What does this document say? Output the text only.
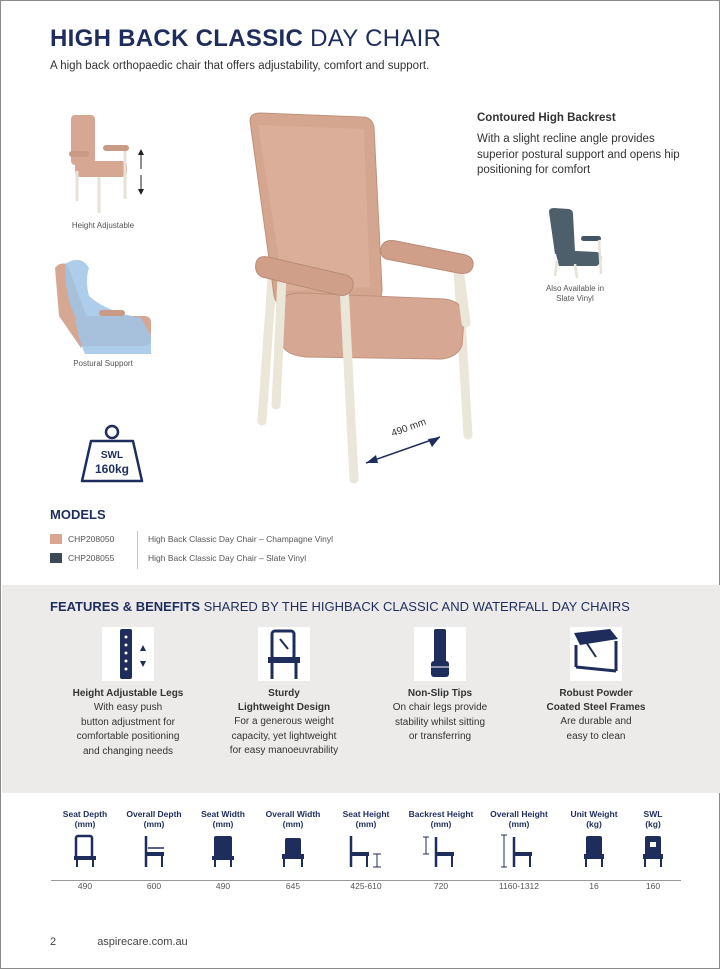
HIGH BACK CLASSIC DAY CHAIR
A high back orthopaedic chair that offers adjustability, comfort and support.
Height Adjustable
Postural Support
SWL
160kg
490 mm
Contoured High Backrest
With a slight recline angle provides superior postural support and opens hip positioning for comfort
Also Available in
Slate Vinyl
MODELS
CHP208050
CHP208055
High Back Classic Day Chair – Champagne Vinyl
High Back Classic Day Chair – Slate Vinyl
FEATURES & BENEFITS SHARED BY THE HIGHBACK CLASSIC AND WATERFALL DAY CHAIRS
Height Adjustable Legs
With easy push
button adjustment for
comfortable positioning
and changing needs
Sturdy
Lightweight Design
For a generous weight
capacity, yet lightweight
for easy manoeuvrability
Non-Slip Tips
On chair legs provide
stability whilst sitting
or transferring
Robust Powder
Coated Steel Frames
Are durable and
easy to clean
Seat Depth
(mm)
490
Overall Depth
(mm)
600
Seat Width
(mm)
490
Overall Width
(mm)
645
Seat Height
(mm)
425-610
Backrest Height
(mm)
720
Overall Height
(mm)
1160-1312
Unit Weight
(kg)
16
SWL
(kg)
160
2	aspirecare.com.au
